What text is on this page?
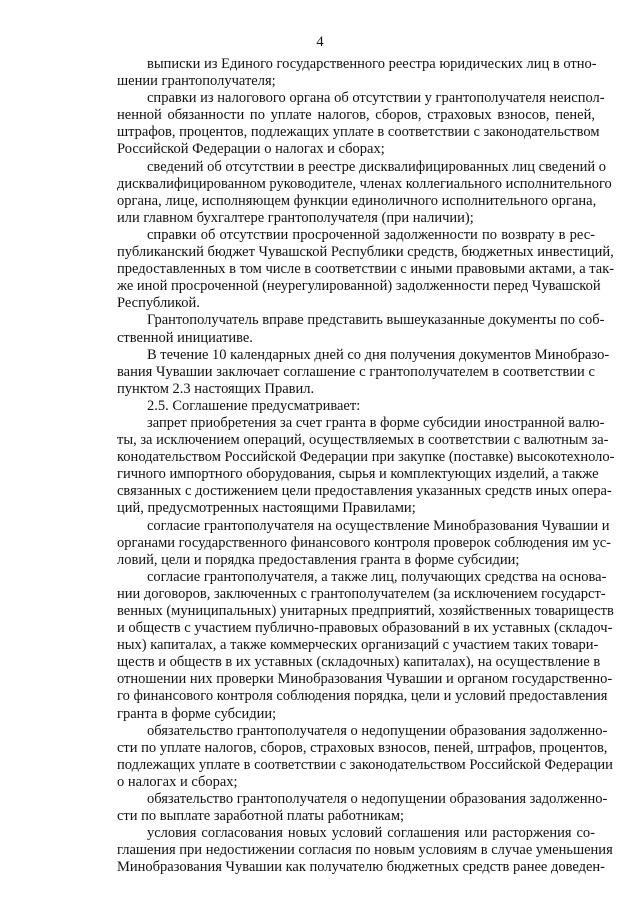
4

выписки из Единого государственного реестра юридических лиц в отно-
шении грантополучателя;

справки из налогового органа об отсутствии у грантополучателя неиспол-
ненной обязанности по уплате налогов, сборов, страховых взносов, пеней,
штрафов, процентов, подлежащих уплате в соответствии с законодательством
Российской Федерации о налогах и сборах;

сведений об отсутствии в реестре дисквалифицированных лиц сведений о
дисквалифицированном руководителе, членах коллегиального исполнительного
органа, лице, исполняющем функции единоличного исполнительного органа,
или главном бухгалтере грантополучателя (при наличии);

справки об отсутствии просроченной задолженности по возврату в рес-
публиканский бюджет Чувашской Республики средств, бюджетных инвестиций,
предоставленных в том числе в соответствии с иными правовыми актами, а так-
же иной просроченной (неурегулированной) задолженности перед Чувашской
Республикой.

Грантополучатель вправе представить вышеуказанные документы по соб-
ственной инициативе.

В течение 10 календарных дней со дня получения документов Минобразо-
вания Чувашии заключает соглашение с грантополучателем в соответствии с
пунктом 2.3 настоящих Правил.

2.5. Соглашение предусматривает:

запрет приобретения за счет гранта в форме субсидии иностранной валю-
ты, за исключением операций, осуществляемых в соответствии с валютным за-
конодательством Российской Федерации при закупке (поставке) высокотехноло-
гичного импортного оборудования, сырья и комплектующих изделий, а также
связанных с достижением цели предоставления указанных средств иных опера-
ций, предусмотренных настоящими Правилами;

согласие грантополучателя на осуществление Минобразования Чувашии и
органами государственного финансового контроля проверок соблюдения им ус-
ловий, цели и порядка предоставления гранта в форме субсидии;

согласие грантополучателя, а также лиц, получающих средства на основа-
нии договоров, заключенных с грантополучателем (за исключением государст-
венных (муниципальных) унитарных предприятий, хозяйственных товариществ
и обществ с участием публично-правовых образований в их уставных (складоч-
ных) капиталах, а также коммерческих организаций с участием таких товари-
ществ и обществ в их уставных (складочных) капиталах), на осуществление в
отношении них проверки Минобразования Чувашии и органом государственно-
го финансового контроля соблюдения порядка, цели и условий предоставления
гранта в форме субсидии;

обязательство грантополучателя о недопущении образования задолженно-
сти по уплате налогов, сборов, страховых взносов, пеней, штрафов, процентов,
подлежащих уплате в соответствии с законодательством Российской Федерации
о налогах и сборах;

обязательство грантополучателя о недопущении образования задолженно-
сти по выплате заработной платы работникам;

условия согласования новых условий соглашения или расторжения со-
глашения при недостижении согласия по новым условиям в случае уменьшения
Минобразования Чувашии как получателю бюджетных средств ранее доведен-
